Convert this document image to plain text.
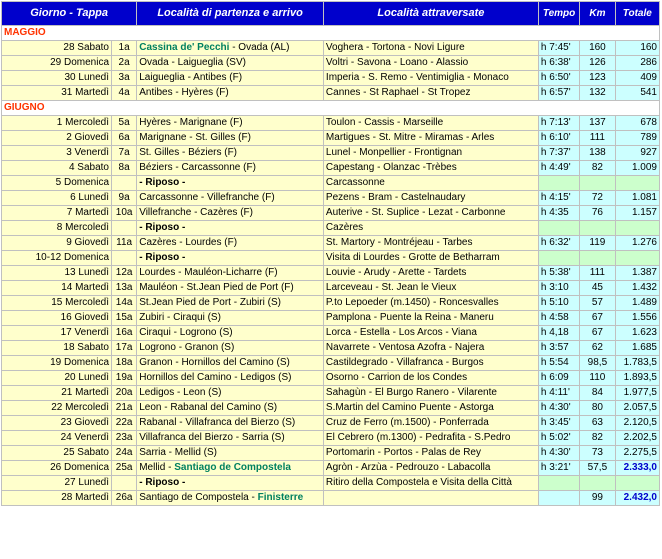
Giorno - Tappa		Località di partenza e arrivo	Località attraversate	Tempo	Km	Totale
MAGGIO						
28 Sabato	1a	Cassina de' Pecchi - Ovada (AL)	Voghera - Tortona - Novi Ligure	h 7:45'	160	160
29 Domenica	2a	Ovada - Laigueglia (SV)	Voltri - Savona - Loano - Alassio	h 6:38'	126	286
30 Lunedì	3a	Laigueglia - Antibes (F)	Imperia - S. Remo - Ventimiglia - Monaco	h 6:50'	123	409
31 Martedì	4a	Antibes - Hyères (F)	Cannes - St Raphael - St Tropez	h 6:57'	132	541
GIUGNO						
1 Mercoledì	5a	Hyères - Marignane (F)	Toulon - Cassis - Marseille	h 7:13'	137	678
2 Giovedì	6a	Marignane - St. Gilles (F)	Martigues - St. Mitre - Miramas - Arles	h 6:10'	111	789
3 Venerdì	7a	St. Gilles - Béziers (F)	Lunel - Monpellier - Frontignan	h 7:37'	138	927
4 Sabato	8a	Béziers - Carcassonne (F)	Capestang - Olanzac -Trèbes	h 4:49'	82	1.009
5 Domenica		- Riposo -	Carcassonne			
6 Lunedì	9a	Carcassonne - Villefranche (F)	Pezens - Bram - Castelnaudary	h 4:15'	72	1.081
7 Martedì	10a	Villefranche - Cazères (F)	Auterive - St. Suplice - Lezat - Carbonne	h 4:35	76	1.157
8 Mercoledì		- Riposo -	Cazères			
9 Giovedì	11a	Cazères - Lourdes (F)	St. Martory - Montréjeau - Tarbes	h 6:32'	119	1.276
10-12 Domenica		- Riposo -	Visita di Lourdes - Grotte de Betharram			
13 Lunedì	12a	Lourdes - Mauléon-Licharre (F)	Louvie - Arudy - Arette - Tardets	h 5:38'	111	1.387
14 Martedì	13a	Mauléon - St.Jean Pied de Port (F)	Larceveau - St. Jean le Vieux	h 3:10	45	1.432
15 Mercoledì	14a	St.Jean Pied de Port - Zubiri (S)	P.to Lepoeder (m.1450) - Roncesvalles	h 5:10	57	1.489
16 Giovedì	15a	Zubiri - Ciraqui (S)	Pamplona - Puente la Reina - Maneru	h 4:58	67	1.556
17 Venerdì	16a	Ciraqui - Logrono (S)	Lorca - Estella - Los Arcos - Viana	h 4,18	67	1.623
18 Sabato	17a	Logrono - Granon (S)	Navarrete - Ventosa Azofra - Najera	h 3:57	62	1.685
19 Domenica	18a	Granon - Hornillos del Camino (S)	Castildegrado - Villafranca - Burgos	h 5:54	98,5	1.783,5
20 Lunedì	19a	Hornillos del Camino - Ledigos (S)	Osorno - Carrion de los Condes	h 6:09	110	1.893,5
21 Martedì	20a	Ledigos - Leon (S)	Sahagùn - El Burgo Ranero - Vilarente	h 4:11'	84	1.977,5
22 Mercoledì	21a	Leon - Rabanal del Camino (S)	S.Martin del Camino Puente - Astorga	h 4:30'	80	2.057,5
23 Giovedì	22a	Rabanal - Villafranca del Bierzo (S)	Cruz de Ferro (m.1500) - Ponferrada	h 3:45'	63	2.120,5
24 Venerdì	23a	Villafranca del Bierzo - Sarria (S)	El Cebrero (m.1300) - Pedrafita - S.Pedro	h 5:02'	82	2.202,5
25 Sabato	24a	Sarria - Mellid (S)	Portomarin - Portos - Palas de Rey	h 4:30'	73	2.275,5
26 Domenica	25a	Mellid - Santiago de Compostela	Agròn - Arzùa - Pedrouzo - Labacolla	h 3:21'	57,5	2.333,0
27 Lunedì		- Riposo -	Ritiro della Compostela e Visita della Città			
28 Martedì	26a	Santiago de Compostela - Finisterre			99	2.432,0
